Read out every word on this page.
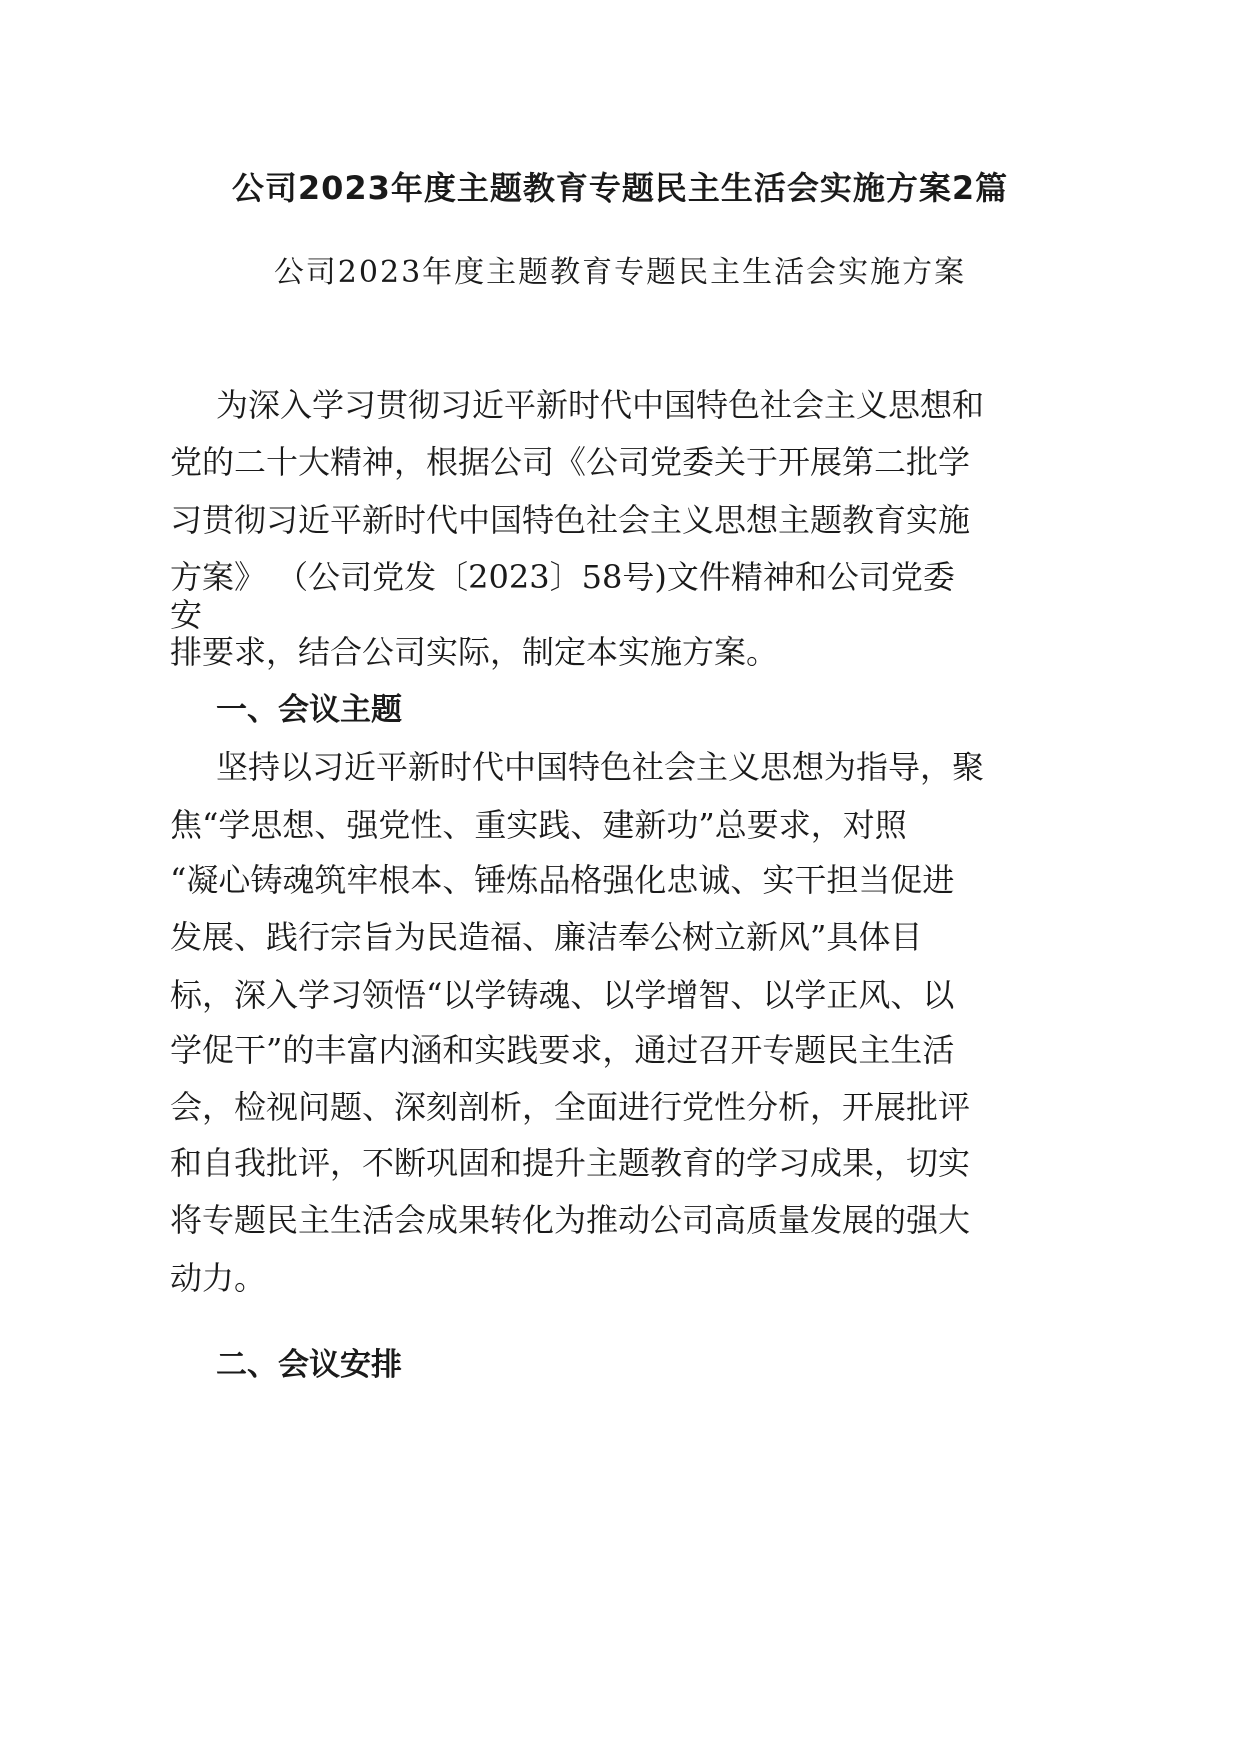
公司2023年度主题教育专题民主生活会实施方案2篇
公司2023年度主题教育专题民主生活会实施方案
为深入学习贯彻习近平新时代中国特色社会主义思想和
党的二十大精神，根据公司《公司党委关于开展第二批学
习贯彻习近平新时代中国特色社会主义思想主题教育实施
方案》 （公司党发〔2023〕58号)文件精神和公司党委
安
排要求，结合公司实际，制定本实施方案。
一、会议主题
坚持以习近平新时代中国特色社会主义思想为指导，聚
焦“学思想、强党性、重实践、建新功”总要求，对照
“凝心铸魂筑牢根本、锤炼品格强化忠诚、实干担当促进
发展、践行宗旨为民造福、廉洁奉公树立新风”具体目
标，深入学习领悟“以学铸魂、以学增智、以学正风、以
学促干”的丰富内涵和实践要求，通过召开专题民主生活
会，检视问题、深刻剖析，全面进行党性分析，开展批评
和自我批评，不断巩固和提升主题教育的学习成果，切实
将专题民主生活会成果转化为推动公司高质量发展的强大
动力。
二、会议安排
